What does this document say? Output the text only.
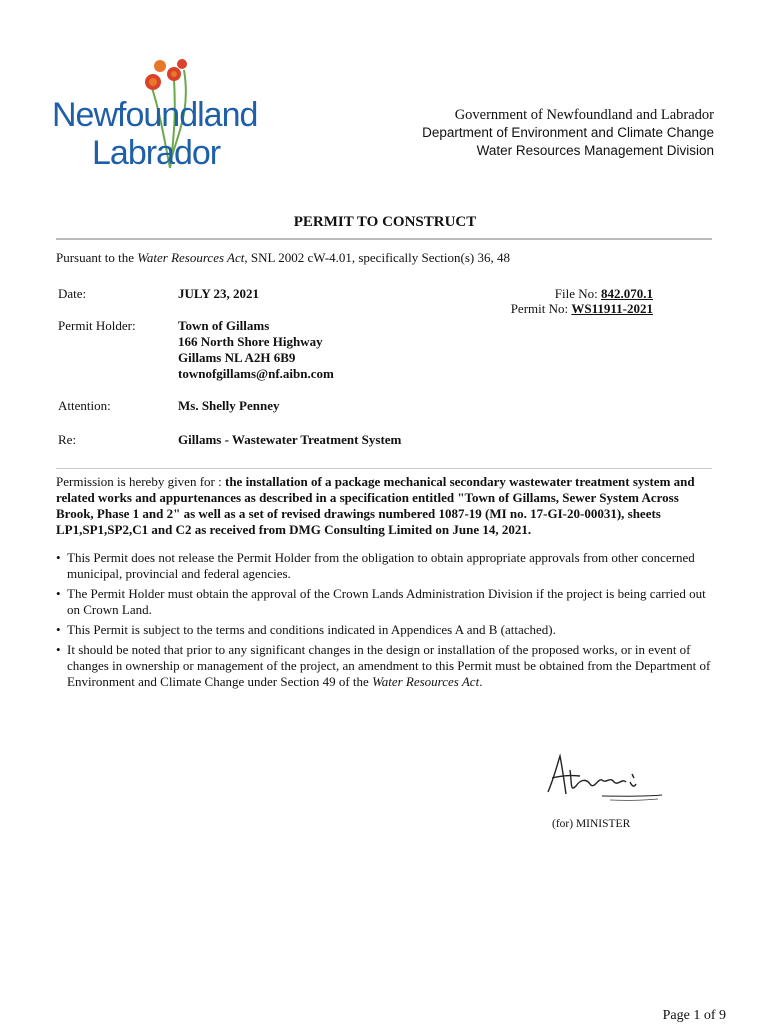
Newfoundland
Labrador
Government of Newfoundland and Labrador
Department of Environment and Climate Change
Water Resources Management Division
PERMIT TO CONSTRUCT
Pursuant to the Water Resources Act, SNL 2002 cW-4.01, specifically Section(s) 36, 48
Date:	JULY 23, 2021	File No: 842.070.1
Permit No: WS11911-2021
Permit Holder:	Town of Gillams
166 North Shore Highway
Gillams NL A2H 6B9
townofgillams@nf.aibn.com
Attention:	Ms. Shelly Penney
Re:	Gillams - Wastewater Treatment System
Permission is hereby given for : the installation of a package mechanical secondary wastewater treatment system and related works and appurtenances as described in a specification entitled "Town of Gillams, Sewer System Across Brook, Phase 1 and 2" as well as a set of revised drawings numbered 1087-19 (MI no. 17-GI-20-00031), sheets LP1,SP1,SP2,C1 and C2 as received from DMG Consulting Limited on June 14, 2021.
• This Permit does not release the Permit Holder from the obligation to obtain appropriate approvals from other concerned municipal, provincial and federal agencies.
• The Permit Holder must obtain the approval of the Crown Lands Administration Division if the project is being carried out on Crown Land.
• This Permit is subject to the terms and conditions indicated in Appendices A and B (attached).
• It should be noted that prior to any significant changes in the design or installation of the proposed works, or in event of changes in ownership or management of the project, an amendment to this Permit must be obtained from the Department of Environment and Climate Change under Section 49 of the Water Resources Act.
(for) MINISTER
Page 1 of 9
